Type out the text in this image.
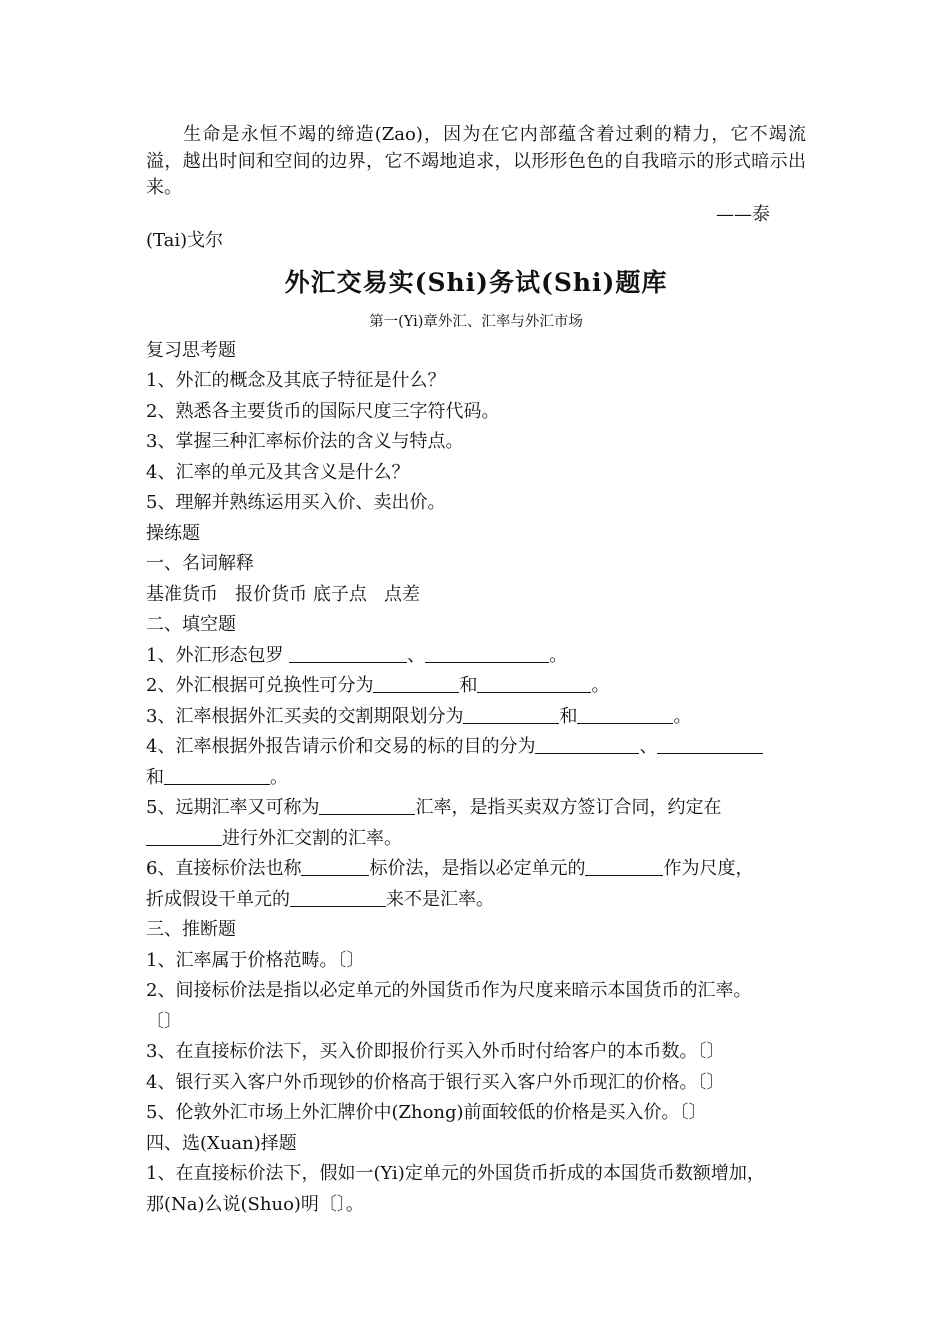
生命是永恒不竭的缔造(Zao)，因为在它内部蕴含着过剩的精力，它不竭流溢，越出时间和空间的边界，它不竭地追求，以形形色色的自我暗示的形式暗示出来。
——泰
(Tai)戈尔
外汇交易实(Shi)务试(Shi)题库
第一(Yi)章外汇、汇率与外汇市场
复习思考题
1、外汇的概念及其底子特征是什么？
2、熟悉各主要货币的国际尺度三字符代码。
3、掌握三种汇率标价法的含义与特点。
4、汇率的单元及其含义是什么？
5、理解并熟练运用买入价、卖出价。
操练题
一、名词解释
基准货币   报价货币 底子点   点差
二、填空题
1、外汇形态包罗	、	。
2、外汇根据可兑换性可分为	和	。
3、汇率根据外汇买卖的交割期限划分为	和	。
4、汇率根据外报告请示价和交易的标的目的分为	、
和	。
5、远期汇率又可称为	汇率，是指买卖双方签订合同，约定在
进行外汇交割的汇率。
6、直接标价法也称	标价法，是指以必定单元的	作为尺度，
折成假设干单元的	来不是汇率。
三、推断题
1、汇率属于价格范畴。〔〕
2、间接标价法是指以必定单元的外国货币作为尺度来暗示本国货币的汇率。
〔〕
3、在直接标价法下，买入价即报价行买入外币时付给客户的本币数。〔〕
4、银行买入客户外币现钞的价格高于银行买入客户外币现汇的价格。〔〕
5、伦敦外汇市场上外汇牌价中(Zhong)前面较低的价格是买入价。〔〕
四、选(Xuan)择题
1、在直接标价法下，假如一(Yi)定单元的外国货币折成的本国货币数额增加，
那(Na)么说(Shuo)明〔〕。
